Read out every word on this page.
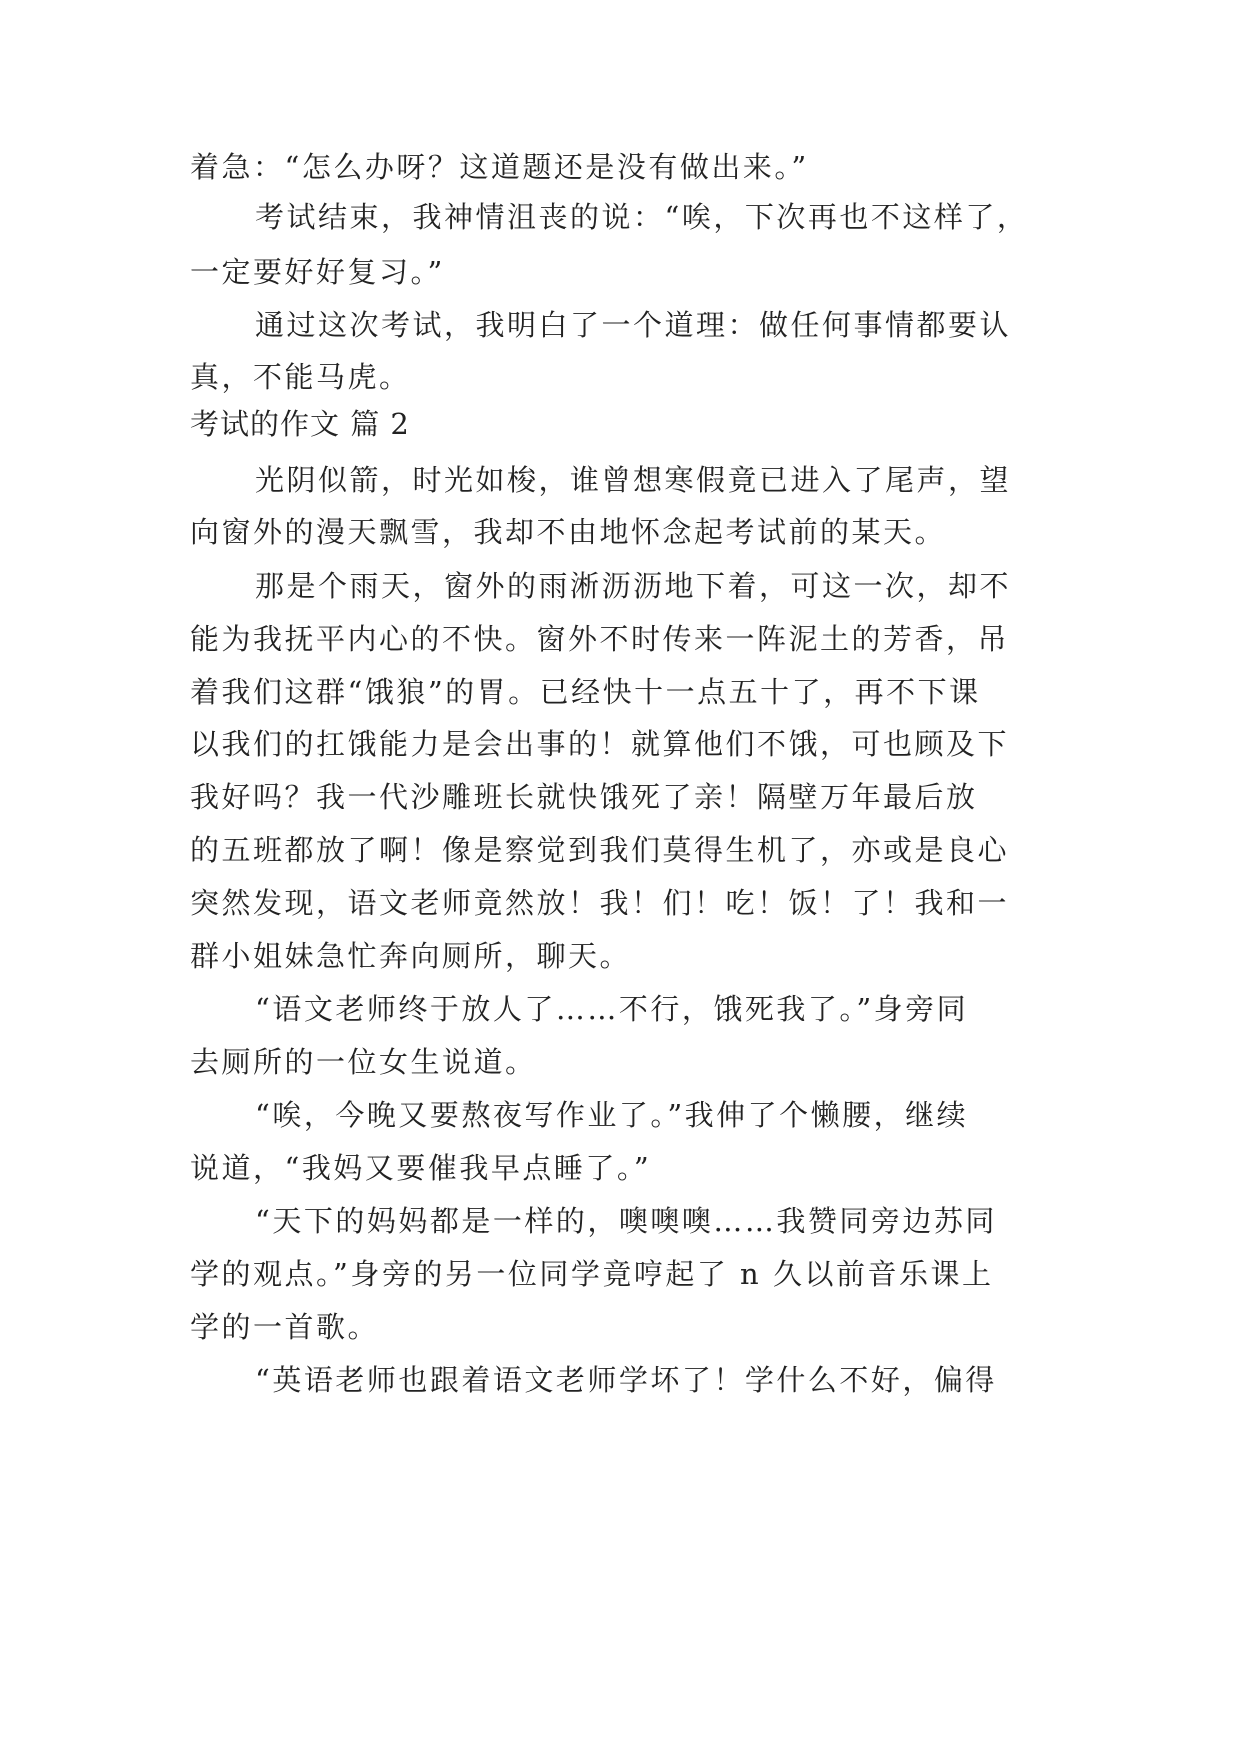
着急：“怎么办呀？这道题还是没有做出来。”
考试结束，我神情沮丧的说：“唉，下次再也不这样了，
一定要好好复习。”
通过这次考试，我明白了一个道理：做任何事情都要认
真，不能马虎。
考试的作文 篇 2
光阴似箭，时光如梭，谁曾想寒假竟已进入了尾声，望
向窗外的漫天飘雪，我却不由地怀念起考试前的某天。
那是个雨天，窗外的雨淅沥沥地下着，可这一次，却不
能为我抚平内心的不快。窗外不时传来一阵泥土的芳香，吊
着我们这群“饿狼”的胃。已经快十一点五十了，再不下课
以我们的扛饿能力是会出事的！就算他们不饿，可也顾及下
我好吗？我一代沙雕班长就快饿死了亲！隔壁万年最后放
的五班都放了啊！像是察觉到我们莫得生机了，亦或是良心
突然发现，语文老师竟然放！我！们！吃！饭！了！我和一
群小姐妹急忙奔向厕所，聊天。
“语文老师终于放人了……不行，饿死我了。”身旁同
去厕所的一位女生说道。
“唉，今晚又要熬夜写作业了。”我伸了个懒腰，继续
说道，“我妈又要催我早点睡了。”
“天下的妈妈都是一样的，噢噢噢……我赞同旁边苏同
学的观点。”身旁的另一位同学竟哼起了 n 久以前音乐课上
学的一首歌。
“英语老师也跟着语文老师学坏了！学什么不好，偏得
